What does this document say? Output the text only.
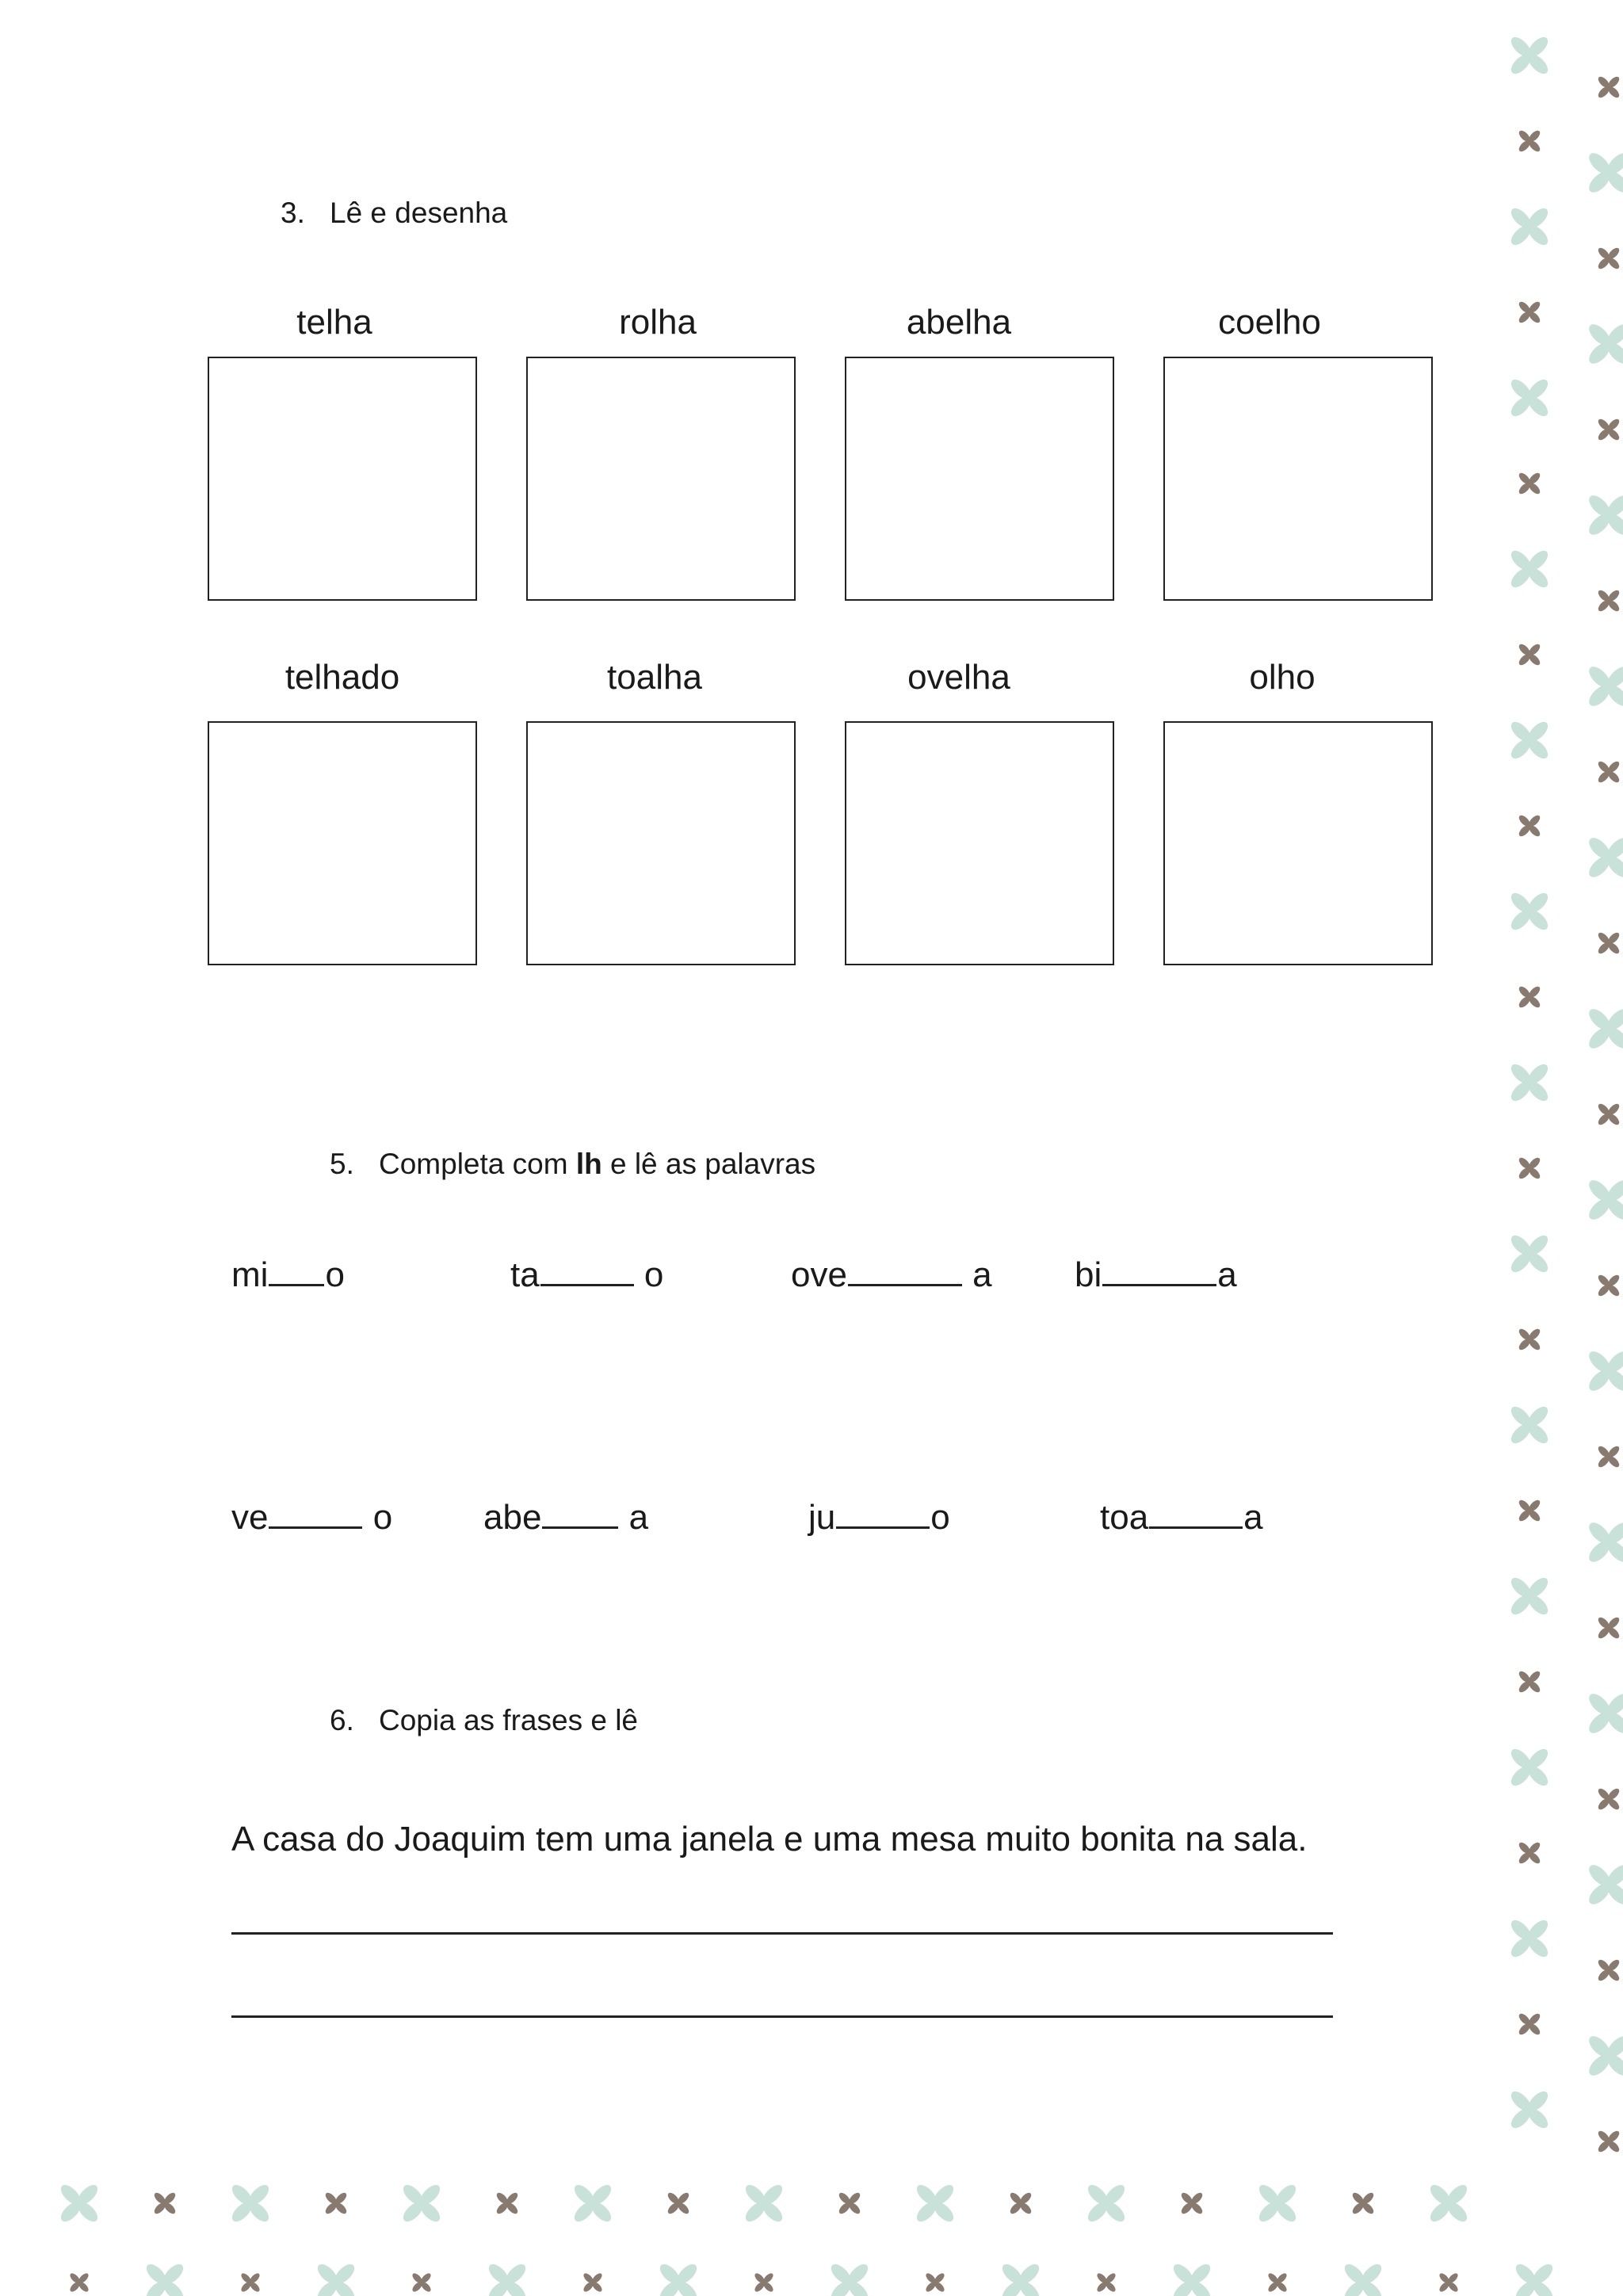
3. Lê e desenha
telha	rolha	abelha	coelho
telhado	toalha	ovelha	olho
5. Completa com lh e lê as palavras
mi o	ta	o	ove	a bi	a
ve	o	abe a	ju	o	toa	a
6. Copia as frases e lê
A casa do Joaquim tem uma janela e uma mesa muito bonita na sala.
